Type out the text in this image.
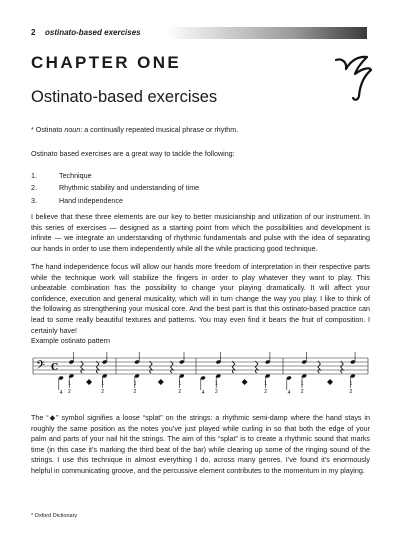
2 ostinato-based exercises
CHAPTER ONE
Ostinato-based exercises
* Ostinato noun: a continually repeated musical phrase or rhythm.
Ostinato based exercises are a great way to tackle the following:
1.	Technique
2.	Rhythmic stability and understanding of time
3.	Hand independence
I believe that these three elements are our key to better musicianship and utilization of our instrument. In this series of exercises — designed as a starting point from which the possibilities and development is infinite — we integrate an understanding of rhythmic fundamentals and pulse with the idea of separating our hands in order to use them independently while all the while practicing good technique.
The hand independence focus will allow our hands more freedom of interpretation in their respective parts while the technique work will stabilize the fingers in order to play whatever they want to play. This unbeatable combination has the possibility to change your playing dramatically. It will affect your confidence, execution and general musicality, which will in turn change the way you play. I like to think of the following as strengthening your musical core. And the best part is that this ostinato-based practice can lead to some really beautiful textures and patterns. You may even find it bears the fruit of composition. I certainly have!
Example ostinato pattern
𝄢 C
4
1
2
1
2
1
2
1
2	4
1
2
1
2	4
1
2
1
2
The “◆” symbol signifies a loose “splat” on the strings: a rhythmic semi-damp where the hand stays in roughly the same position as the notes you’ve just played while curling in so that both the edge of your palm and parts of your nail hit the strings. The aim of this “splat” is to create a rhythmic sound that marks time (in this case it’s marking the third beat of the bar) while clearing up some of the ringing sound of the strings. I use this technique in almost everything I do, across many genres. I’ve found it’s enormously helpful in communicating groove, and the percussive element contributes to the momentum in my playing.
* Oxford Dictionary
